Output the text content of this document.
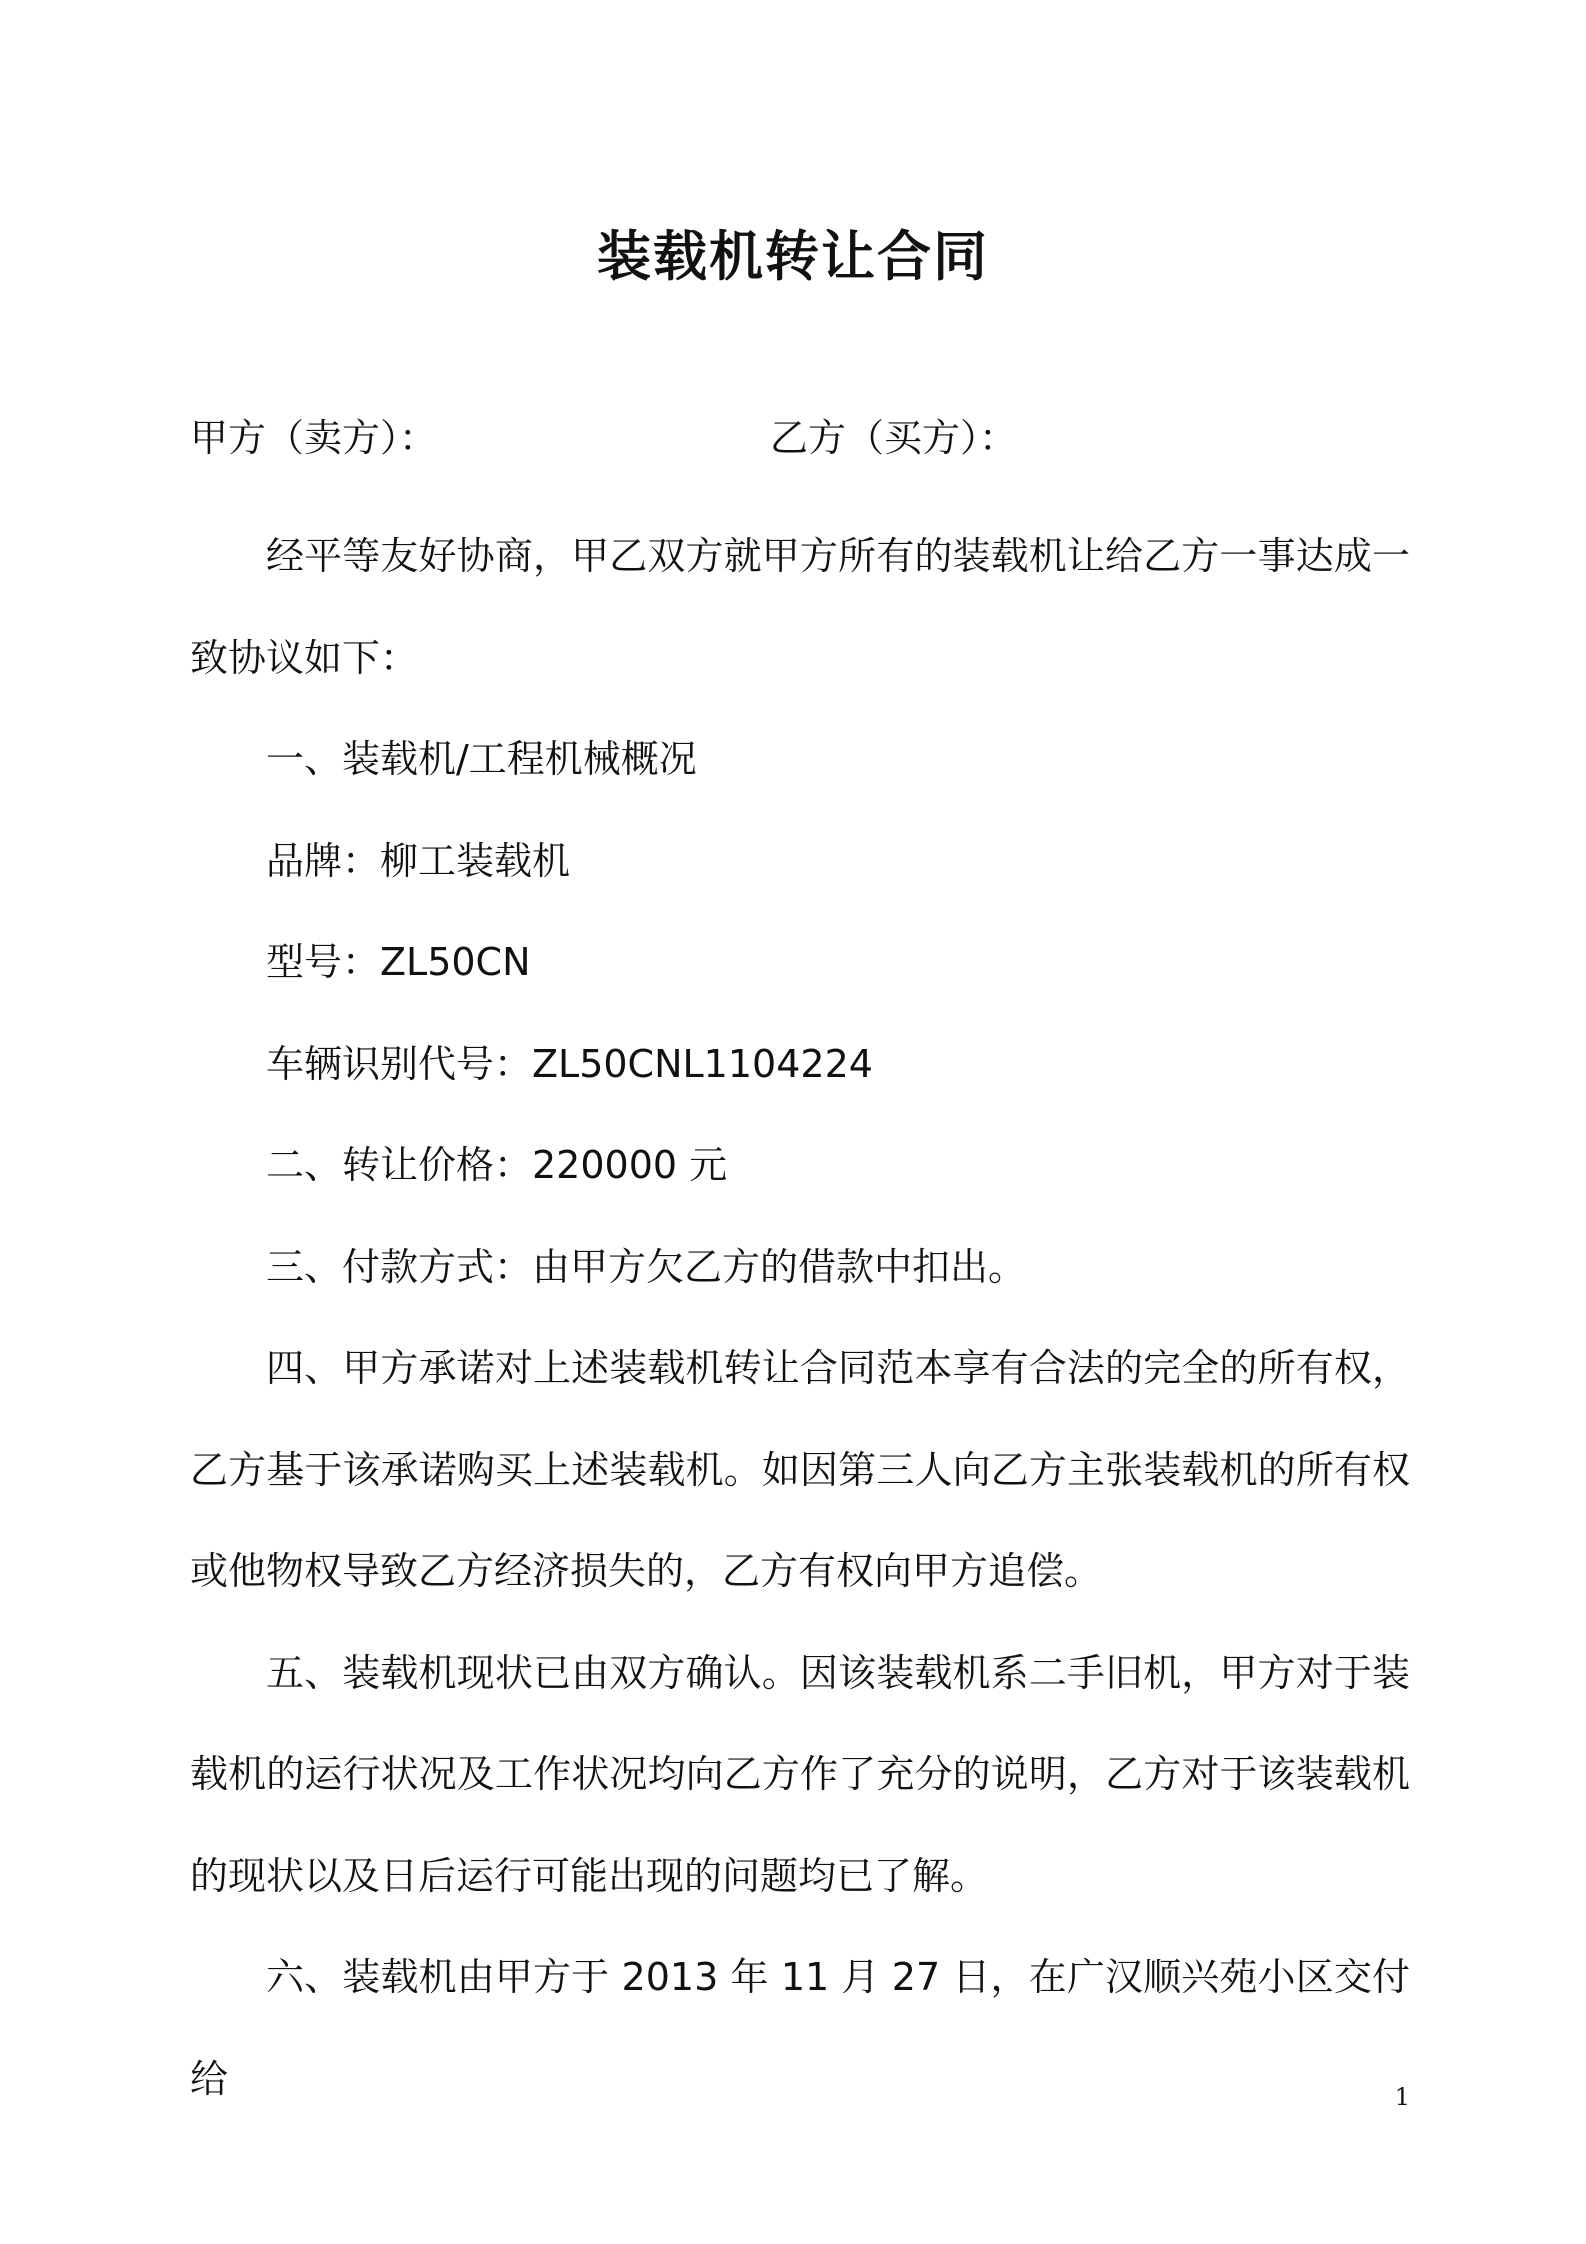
装载机转让合同
甲方（卖方）：	乙方（买方）：

经平等友好协商，甲乙双方就甲方所有的装载机让给乙方一事达成一致协议如下：

一、装载机/工程机械概况

品牌：柳工装载机

型号：ZL50CN

车辆识别代号：ZL50CNL1104224

二、转让价格：220000 元

三、付款方式：由甲方欠乙方的借款中扣出。

四、甲方承诺对上述装载机转让合同范本享有合法的完全的所有权，乙方基于该承诺购买上述装载机。如因第三人向乙方主张装载机的所有权或他物权导致乙方经济损失的，乙方有权向甲方追偿。

五、装载机现状已由双方确认。因该装载机系二手旧机，甲方对于装载机的运行状况及工作状况均向乙方作了充分的说明，乙方对于该装载机的现状以及日后运行可能出现的问题均已了解。

六、装载机由甲方于 2013 年 11 月 27 日，在广汉顺兴苑小区交付给	1
